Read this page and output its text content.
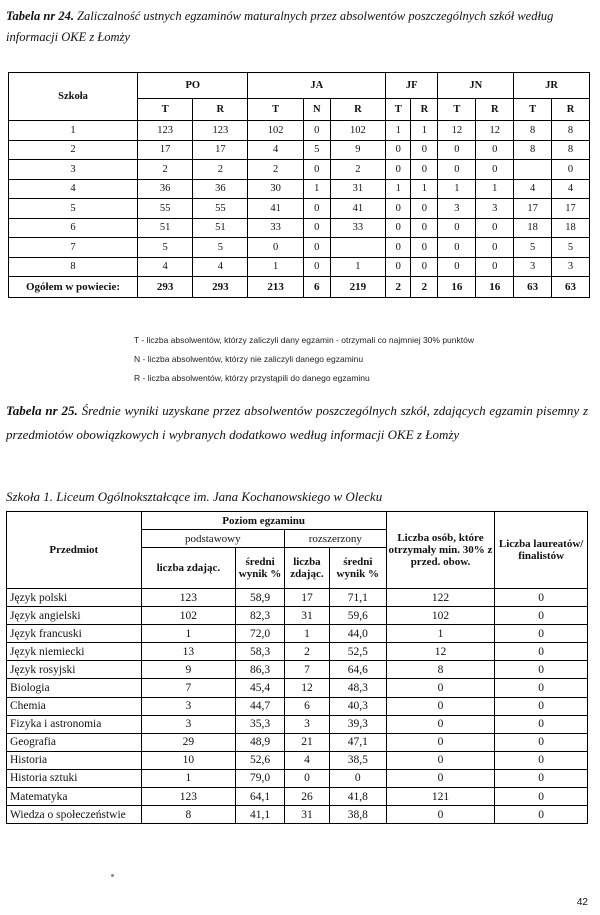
Tabela nr 24. Zaliczalność ustnych egzaminów maturalnych przez absolwentów poszczególnych szkół według informacji OKE z Łomży
Szkoła	PO		JA			JF		JN		JR	
	T	R	T	N	R	T	R	T	R	T	R
1	123	123	102	0	102	1	1	12	12	8	8
2	17	17	4	5	9	0	0	0	0	8	8
3	2	2	2	0	2	0	0	0	0		0
4	36	36	30	1	31	1	1	1	1	4	4
5	55	55	41	0	41	0	0	3	3	17	17
6	51	51	33	0	33	0	0	0	0	18	18
7	5	5	0	0		0	0	0	0	5	5
8	4	4	1	0	1	0	0	0	0	3	3
Ogółem w powiecie:	293	293	213	6	219	2	2	16	16	63	63
T - liczba absolwentów, którzy zaliczyli dany egzamin - otrzymali co najmniej 30% punktów
N - liczba absolwentów, którzy nie zaliczyli danego egzaminu
R - liczba absolwentów, którzy przystąpili do danego egzaminu
Tabela nr 25. Średnie wyniki uzyskane przez absolwentów poszczególnych szkół, zdających egzamin pisemny z przedmiotów obowiązkowych i wybranych dodatkowo według informacji OKE z Łomży
Szkoła 1. Liceum Ogólnokształcące im. Jana Kochanowskiego w Olecku
Przedmiot	Poziom egzaminu				Liczba osób, które otrzymały min. 30% z przed. obow.	Liczba laureatów/ finalistów
	podstawowy		rozszerzony			
	liczba zdając.	średni wynik %	liczba zdając.	średni wynik %		
Język polski	123	58,9	17	71,1	122	0
Język angielski	102	82,3	31	59,6	102	0
Język francuski	1	72,0	1	44,0	1	0
Język niemiecki	13	58,3	2	52,5	12	0
Język rosyjski	9	86,3	7	64,6	8	0
Biologia	7	45,4	12	48,3	0	0
Chemia	3	44,7	6	40,3	0	0
Fizyka i astronomia	3	35,3	3	39,3	0	0
Geografia	29	48,9	21	47,1	0	0
Historia	10	52,6	4	38,5	0	0
Historia sztuki	1	79,0	0	0	0	0
Matematyka	123	64,1	26	41,8	121	0
Wiedza o społeczeństwie	8	41,1	31	38,8	0	0
42
